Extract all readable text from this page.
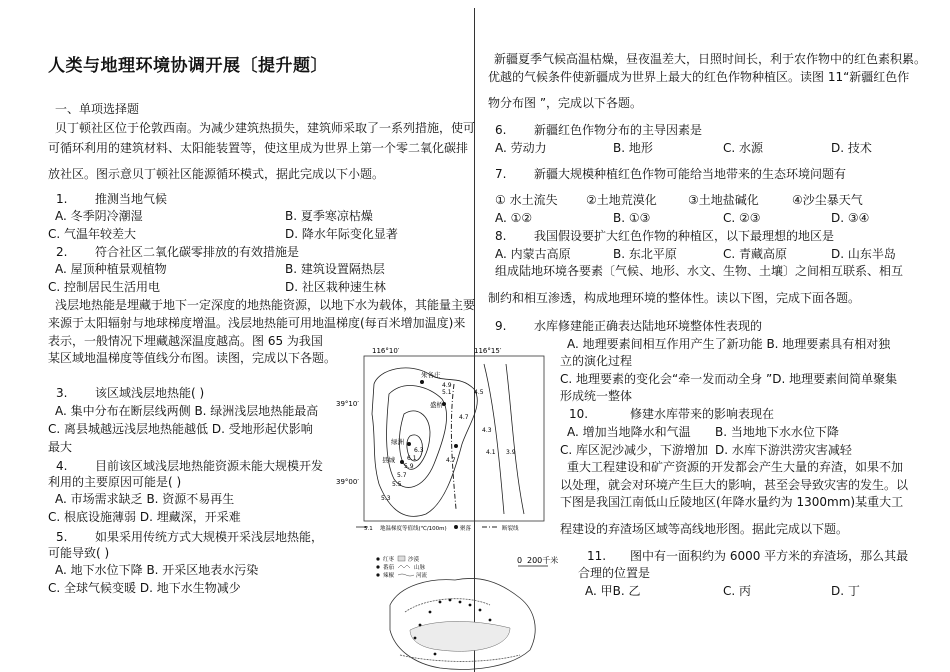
人类与地理环境协调开展〔提升题〕
一、单项选择题
贝丁顿社区位于伦敦西南。为减少建筑热损失，建筑师采取了一系列措施，使可
可循环利用的建筑材料、太阳能装置等，使这里成为世界上第一个零二氧化碳排
放社区。图示意贝丁顿社区能源循环模式，据此完成以下小题。
1. 推测当地气候
A. 冬季阴冷潮湿	B. 夏季寒凉枯燥
C. 气温年较差大	D. 降水年际变化显著
2. 符合社区二氧化碳零排放的有效措施是
A. 屋顶种植景观植物	B. 建筑设置隔热层
C. 控制居民生活用电	D. 社区栽种速生林
浅层地热能是埋藏于地下一定深度的地热能资源，以地下水为载体，其能量主要
来源于太阳辐射与地球梯度增温。浅层地热能可用地温梯度(每百米增加温度)来
表示，一般情况下埋藏越深温度越高。图 65 为我国
某区域地温梯度等值线分布图。读图，完成以下各题。
3. 该区域浅层地热能( )
A. 集中分布在断层线两侧 B. 绿洲浅层地热能最高
C. 离县城越远浅层地热能越低 D. 受地形起伏影响
最大
4. 目前该区域浅层地热能资源未能大规模开发
利用的主要原因可能是( )
A. 市场需求缺乏 B. 资源不易再生
C. 根底设施薄弱 D. 埋藏深，开采难
5. 如果采用传统方式大规模开采浅层地热能，
可能导致( )
A. 地下水位下降 B. 开采区地表水污染
C. 全球气候变暖 D. 地下水生物减少
116°10′	116°15′
39°10′
39°00′
朱各庄
盛桥
绿洲
县城
4.9
5.1	4.5
4.7
4.3
4.1 3.9
6.3
6.1
5.9
5.7
5.5
5.3
4.7
5.1 地温梯度等值线(℃/100m) 聚落	断裂线
红枣
番茄
辣椒
沙漠
山脉
河流
0 200千米
新疆夏季气候高温枯燥，昼夜温差大，日照时间长，利于农作物中的红色素积累。
优越的气候条件使新疆成为世界上最大的红色作物种植区。读图 11“新疆红色作
物分布图 ”，完成以下各题。
6. 新疆红色作物分布的主导因素是
A. 劳动力	B. 地形	C. 水源	D. 技术
7. 新疆大规模种植红色作物可能给当地带来的生态环境问题有
① 水土流失 ②土地荒漠化	③土地盐碱化	④沙尘暴天气
A. ①②	B. ①③	C. ②③	D. ③④
8. 我国假设要扩大红色作物的种植区，以下最理想的地区是
A. 内蒙古高原	B. 东北平原	C. 青藏高原	D. 山东半岛
组成陆地环境各要素〔气候、地形、水文、生物、土壤〕之间相互联系、相互
制约和相互渗透，构成地理环境的整体性。读以下图，完成下面各题。
9. 水库修建能正确表达陆地环境整体性表现的
A. 地理要素间相互作用产生了新功能 B. 地理要素具有相对独
立的演化过程
C. 地理要素的变化会“牵一发而动全身 ”D. 地理要素间简单聚集
形成统一整体
10.	修建水库带来的影响表现在
A. 增加当地降水和气温 B. 当地地下水水位下降
C. 库区泥沙减少，下游增加 D. 水库下游洪涝灾害减轻
重大工程建设和矿产资源的开发都会产生大量的弃渣，如果不加
以处理，就会对环境产生巨大的影响，甚至会导致灾害的发生。以
下图是我国江南低山丘陵地区(年降水量约为 1300mm)某重大工
程建设的弃渣场区域等高线地形图。据此完成以下题。
11. 图中有一面积约为 6000 平方米的弃渣场，那么其最
合理的位置是
A. 甲B. 乙	C. 丙	D. 丁
